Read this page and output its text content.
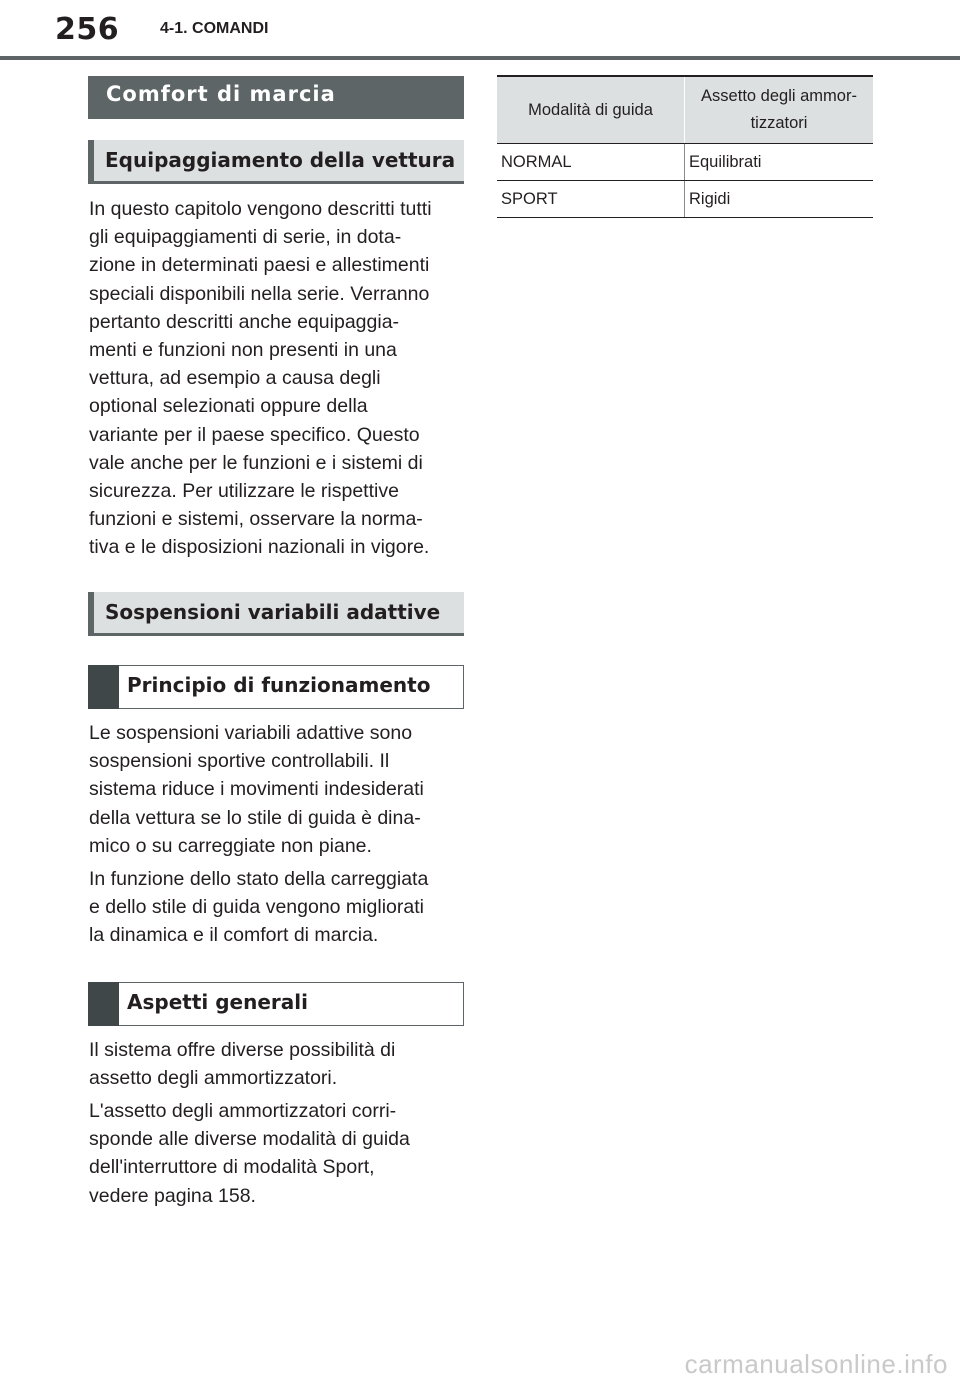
256	4-1. COMANDI
Comfort di marcia
Equipaggiamento della vettura

In questo capitolo vengono descritti tutti
gli equipaggiamenti di serie, in dota-
zione in determinati paesi e allestimenti
speciali disponibili nella serie. Verranno
pertanto descritti anche equipaggia-
menti e funzioni non presenti in una
vettura, ad esempio a causa degli
optional selezionati oppure della
variante per il paese specifico. Questo
vale anche per le funzioni e i sistemi di
sicurezza. Per utilizzare le rispettive
funzioni e sistemi, osservare la norma-
tiva e le disposizioni nazionali in vigore.

Sospensioni variabili adattive
Principio di funzionamento

Le sospensioni variabili adattive sono
sospensioni sportive controllabili. Il
sistema riduce i movimenti indesiderati
della vettura se lo stile di guida è dina-
mico o su carreggiate non piane.

In funzione dello stato della carreggiata
e dello stile di guida vengono migliorati
la dinamica e il comfort di marcia.

Aspetti generali

Il sistema offre diverse possibilità di
assetto degli ammortizzatori.

L'assetto degli ammortizzatori corri-
sponde alle diverse modalità di guida
dell'interruttore di modalità Sport,
vedere pagina 158.

Modalità di guida	Assetto degli ammor-
tizzatori
NORMAL	Equilibrati
SPORT	Rigidi
carmanualsonline.info
